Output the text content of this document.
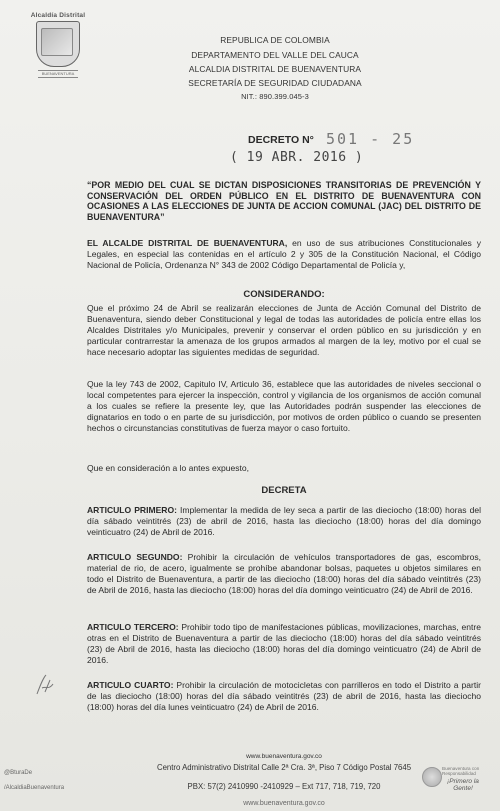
Alcaldía Distrital
BUENAVENTURA
REPUBLICA DE COLOMBIA
DEPARTAMENTO DEL VALLE DEL CAUCA
ALCALDIA DISTRITAL DE BUENAVENTURA
SECRETARÍA DE SEGURIDAD CIUDADANA
NIT.: 890.399.045-3
DECRETO N° 501 - 25
( 19 ABR. 2016 )
“POR MEDIO DEL CUAL SE DICTAN DISPOSICIONES TRANSITORIAS DE PREVENCIÓN Y CONSERVACIÓN DEL ORDEN PÚBLICO EN EL DISTRITO DE BUENAVENTURA CON OCASIONES A LAS ELECCIONES DE JUNTA DE ACCION COMUNAL (JAC) DEL DISTRITO DE BUENAVENTURA”
EL ALCALDE DISTRITAL DE BUENAVENTURA, en uso de sus atribuciones Constitucionales y Legales, en especial las contenidas en el artículo 2 y 305 de la Constitución Nacional, el Código Nacional de Policía, Ordenanza N° 343 de 2002 Código Departamental de Policía y,
CONSIDERANDO:
Que el próximo 24 de Abril se realizarán elecciones de Junta de Acción Comunal del Distrito de Buenaventura, siendo deber Constitucional y legal de todas las autoridades de policía entre ellas los Alcaldes Distritales y/o Municipales, prevenir y conservar el orden público en su jurisdicción y en particular contrarrestar la amenaza de los grupos armados al margen de la ley, motivo por el cual se hace necesario adoptar las siguientes medidas de seguridad.
Que la ley 743 de 2002, Capitulo IV, Articulo 36, establece que las autoridades de niveles seccional o local competentes para ejercer la inspección, control y vigilancia de los organismos de acción comunal a los cuales se refiere la presente ley, que las Autoridades podrán suspender las elecciones de dignatarios en todo o en parte de su jurisdicción, por motivos de orden público o cuando se presenten hechos o circunstancias constitutivas de fuerza mayor o caso fortuito.
Que en consideración a lo antes expuesto,
DECRETA
ARTICULO PRIMERO: Implementar la medida de ley seca a partir de las dieciocho (18:00) horas del día sábado veintitrés (23) de abril de 2016, hasta las dieciocho (18:00) horas del día domingo veinticuatro (24) de Abril de 2016.
ARTICULO SEGUNDO: Prohibir la circulación de vehículos transportadores de gas, escombros, material de rio, de acero, igualmente se prohíbe abandonar bolsas, paquetes u objetos similares en todo el Distrito de Buenaventura, a partir de las dieciocho (18:00) horas del día sábado veintitrés (23) de Abril de 2016, hasta las dieciocho (18:00) horas del día domingo veinticuatro (24) de Abril de 2016.
ARTICULO TERCERO: Prohibir todo tipo de manifestaciones públicas, movilizaciones, marchas, entre otras en el Distrito de Buenaventura a partir de las dieciocho (18:00) horas del día sábado veintitrés (23) de Abril de 2016, hasta las dieciocho (18:00) horas del día domingo veinticuatro (24) de Abril de 2016.
ARTICULO CUARTO: Prohibir la circulación de motocicletas con parrilleros en todo el Distrito a partir de las dieciocho (18:00) horas del día sábado veintitrés (23) de abril de 2016, hasta las dieciocho (18:00) horas del día lunes veinticuatro (24) de Abril de 2016.
@BturaDe
/AlcaldiaBuenaventura
www.buenaventura.gov.co
Centro Administrativo Distrital Calle 2ª Cra. 3ª, Piso 7 Código Postal 7645
PBX: 57(2) 2410990 -2410929 – Ext 717, 718, 719, 720
www.buenaventura.gov.co
Buenaventura con Responsabilidad
¡Primero la Gente!
